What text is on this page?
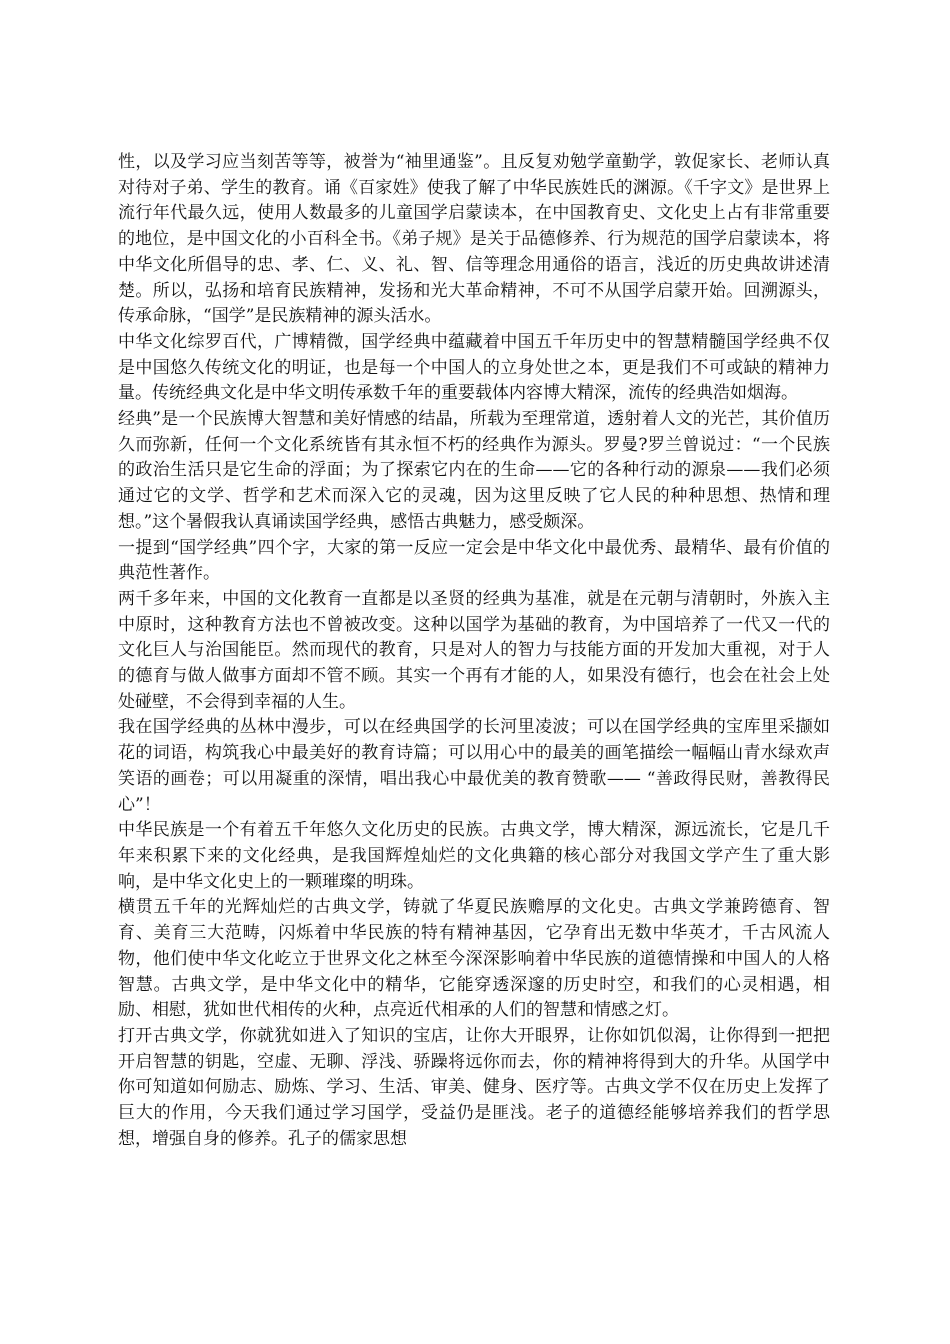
性，以及学习应当刻苦等等，被誉为“袖里通鉴”。且反复劝勉学童勤学，敦促家长、老师认真对待对子弟、学生的教育。诵《百家姓》使我了解了中华民族姓氏的渊源。《千字文》是世界上流行年代最久远，使用人数最多的儿童国学启蒙读本，在中国教育史、文化史上占有非常重要的地位，是中国文化的小百科全书。《弟子规》是关于品德修养、行为规范的国学启蒙读本，将中华文化所倡导的忠、孝、仁、义、礼、智、信等理念用通俗的语言，浅近的历史典故讲述清楚。所以，弘扬和培育民族精神，发扬和光大革命精神，不可不从国学启蒙开始。回溯源头，传承命脉，“国学”是民族精神的源头活水。

中华文化综罗百代，广博精微，国学经典中蕴藏着中国五千年历史中的智慧精髓国学经典不仅是中国悠久传统文化的明证，也是每一个中国人的立身处世之本，更是我们不可或缺的精神力量。传统经典文化是中华文明传承数千年的重要载体内容博大精深，流传的经典浩如烟海。

经典”是一个民族博大智慧和美好情感的结晶，所载为至理常道，透射着人文的光芒，其价值历久而弥新，任何一个文化系统皆有其永恒不朽的经典作为源头。罗曼?罗兰曾说过：“一个民族的政治生活只是它生命的浮面；为了探索它内在的生命——它的各种行动的源泉——我们必须通过它的文学、哲学和艺术而深入它的灵魂，因为这里反映了它人民的种种思想、热情和理想。”这个暑假我认真诵读国学经典，感悟古典魅力，感受颇深。

一提到“国学经典”四个字，大家的第一反应一定会是中华文化中最优秀、最精华、最有价值的典范性著作。

两千多年来，中国的文化教育一直都是以圣贤的经典为基准，就是在元朝与清朝时，外族入主中原时，这种教育方法也不曾被改变。这种以国学为基础的教育，为中国培养了一代又一代的文化巨人与治国能臣。然而现代的教育，只是对人的智力与技能方面的开发加大重视，对于人的德育与做人做事方面却不管不顾。其实一个再有才能的人，如果没有德行，也会在社会上处处碰壁，不会得到幸福的人生。

我在国学经典的丛林中漫步，可以在经典国学的长河里凌波；可以在国学经典的宝库里采撷如花的词语，构筑我心中最美好的教育诗篇；可以用心中的最美的画笔描绘一幅幅山青水绿欢声笑语的画卷；可以用凝重的深情，唱出我心中最优美的教育赞歌—— “善政得民财，善教得民心”！

中华民族是一个有着五千年悠久文化历史的民族。古典文学，博大精深，源远流长，它是几千年来积累下来的文化经典，是我国辉煌灿烂的文化典籍的核心部分对我国文学产生了重大影响，是中华文化史上的一颗璀璨的明珠。

横贯五千年的光辉灿烂的古典文学，铸就了华夏民族赡厚的文化史。古典文学兼跨德育、智育、美育三大范畴，闪烁着中华民族的特有精神基因，它孕育出无数中华英才，千古风流人物，他们使中华文化屹立于世界文化之林至今深深影响着中华民族的道德情操和中国人的人格智慧。古典文学，是中华文化中的精华，它能穿透深邃的历史时空，和我们的心灵相遇，相励、相慰，犹如世代相传的火种，点亮近代相承的人们的智慧和情感之灯。

打开古典文学，你就犹如进入了知识的宝店，让你大开眼界，让你如饥似渴，让你得到一把把开启智慧的钥匙，空虚、无聊、浮浅、骄躁将远你而去，你的精神将得到大的升华。从国学中你可知道如何励志、励炼、学习、生活、审美、健身、医疗等。古典文学不仅在历史上发挥了巨大的作用，今天我们通过学习国学，受益仍是匪浅。老子的道德经能够培养我们的哲学思想，增强自身的修养。孔子的儒家思想
